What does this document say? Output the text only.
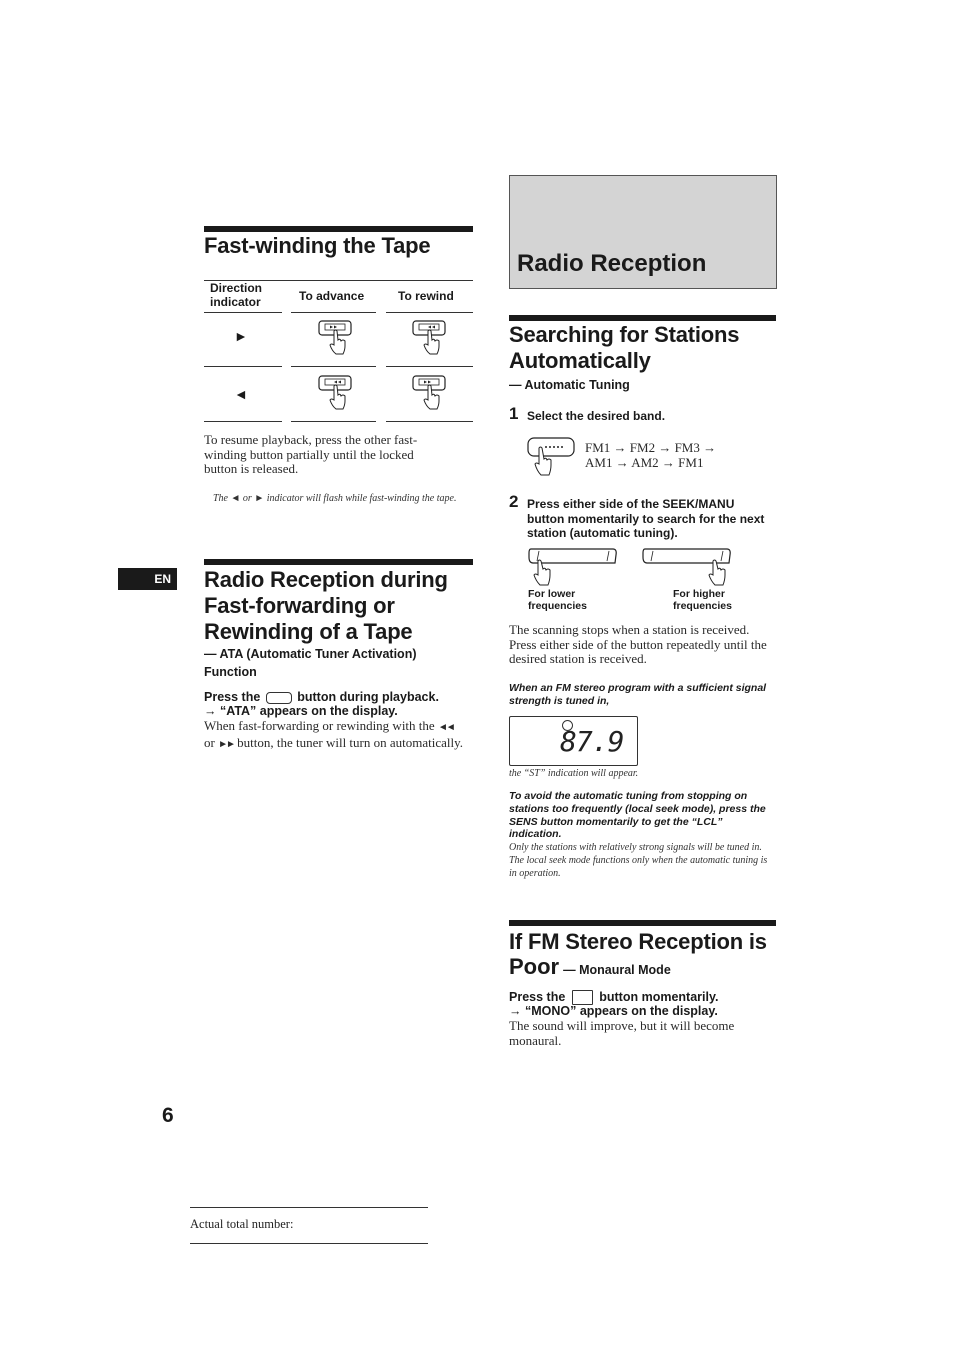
Fast-winding the Tape
Direction indicator	To advance	To rewind
►
◄

To resume playback, press the other fast-winding button partially until the locked button is released.

The ◄ or ► indicator will flash while fast-winding the tape.

EN Radio Reception during Fast-forwarding or Rewinding of a Tape
— ATA (Automatic Tuner Activation) Function
Press the	button during playback.
→ “ATA” appears on the display.

When fast-forwarding or rewinding with the ◄◄ or ►► button, the tuner will turn on automatically.

6
Actual total number:
Radio Reception
Searching for Stations Automatically
— Automatic Tuning
1 Select the desired band.
FM1 → FM2 → FM3 →
AM1 → AM2 → FM1
2 Press either side of the SEEK/MANU button momentarily to search for the next station (automatic tuning).
For lower frequencies
For higher frequencies

The scanning stops when a station is received. Press either side of the button repeatedly until the desired station is received.

When an FM stereo program with a sufficient signal strength is tuned in,

87.9

the “ST” indication will appear.

To avoid the automatic tuning from stopping on stations too frequently (local seek mode), press the SENS button momentarily to get the “LCL” indication.

Only the stations with relatively strong signals will be tuned in. The local seek mode functions only when the automatic tuning is in operation.

If FM Stereo Reception is
Poor — Monaural Mode
Press the	button momentarily.
→ “MONO” appears on the display.

The sound will improve, but it will become monaural.
